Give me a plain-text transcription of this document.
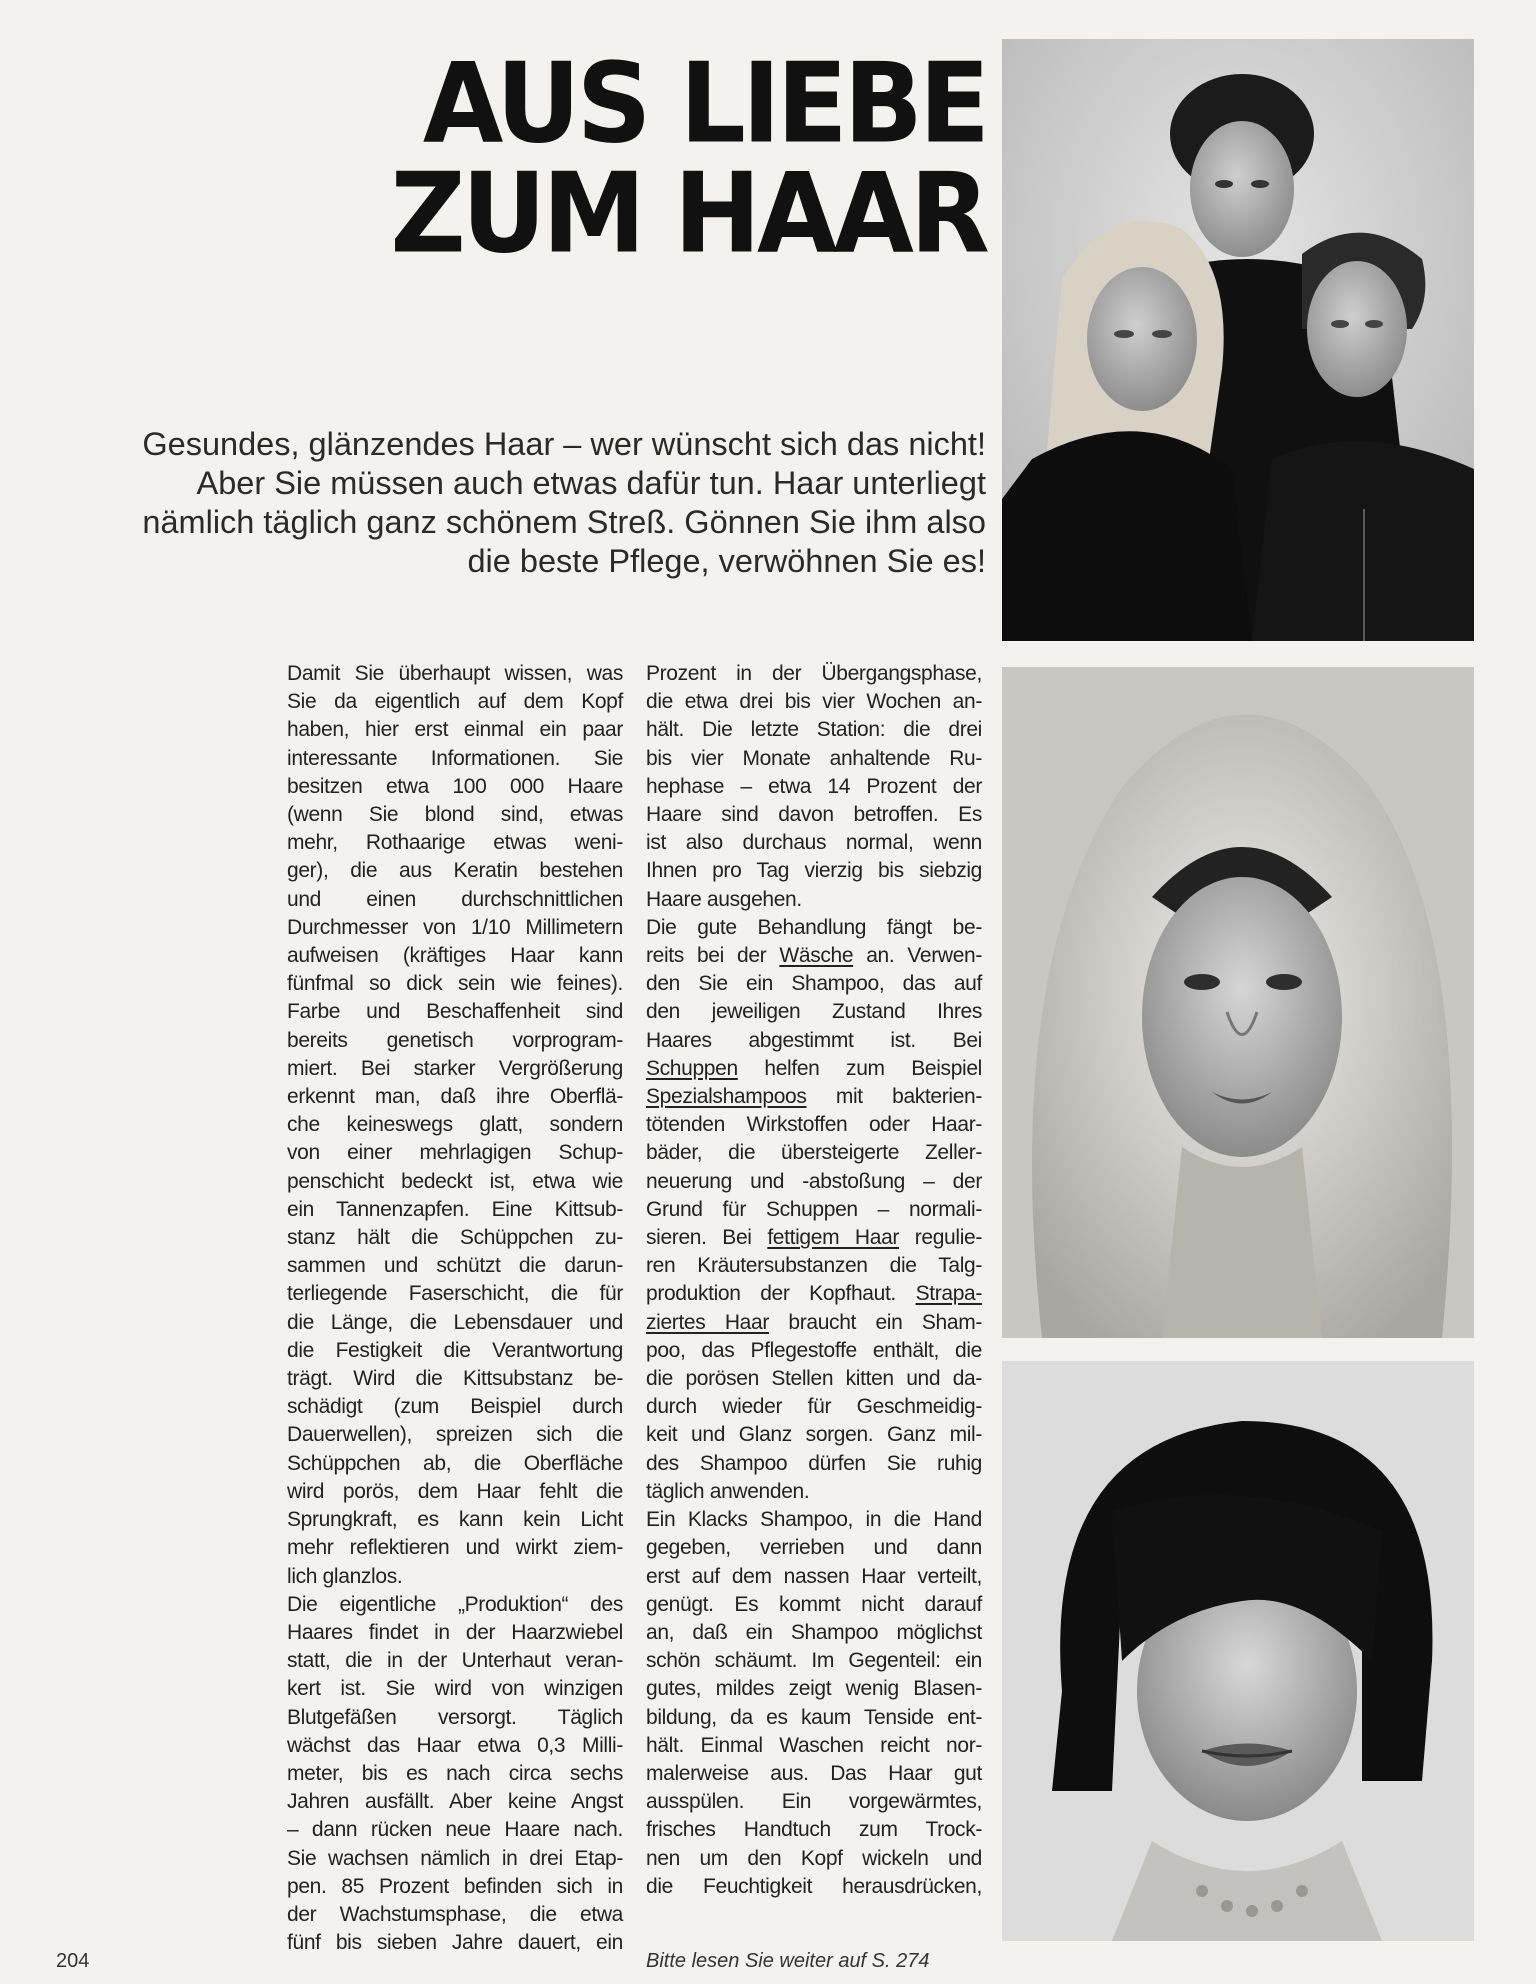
AUS LIEBE
ZUM HAAR

Gesundes, glänzendes Haar – wer wünscht sich das nicht!
Aber Sie müssen auch etwas dafür tun. Haar unterliegt
nämlich täglich ganz schönem Streß. Gönnen Sie ihm also
die beste Pflege, verwöhnen Sie es!

Damit Sie überhaupt wissen, was
Sie da eigentlich auf dem Kopf
haben, hier erst einmal ein paar
interessante Informationen. Sie
besitzen etwa 100 000 Haare
(wenn Sie blond sind, etwas
mehr, Rothaarige etwas weni-
ger), die aus Keratin bestehen
und einen durchschnittlichen
Durchmesser von 1/10 Millimetern
aufweisen (kräftiges Haar kann
fünfmal so dick sein wie feines).
Farbe und Beschaffenheit sind
bereits genetisch vorprogram-
miert. Bei starker Vergrößerung
erkennt man, daß ihre Oberflä-
che keineswegs glatt, sondern
von einer mehrlagigen Schup-
penschicht bedeckt ist, etwa wie
ein Tannenzapfen. Eine Kittsub-
stanz hält die Schüppchen zu-
sammen und schützt die darun-
terliegende Faserschicht, die für
die Länge, die Lebensdauer und
die Festigkeit die Verantwortung
trägt. Wird die Kittsubstanz be-
schädigt (zum Beispiel durch
Dauerwellen), spreizen sich die
Schüppchen ab, die Oberfläche
wird porös, dem Haar fehlt die
Sprungkraft, es kann kein Licht
mehr reflektieren und wirkt ziem-
lich glanzlos.
Die eigentliche „Produktion“ des
Haares findet in der Haarzwiebel
statt, die in der Unterhaut veran-
kert ist. Sie wird von winzigen
Blutgefäßen versorgt. Täglich
wächst das Haar etwa 0,3 Milli-
meter, bis es nach circa sechs
Jahren ausfällt. Aber keine Angst
– dann rücken neue Haare nach.
Sie wachsen nämlich in drei Etap-
pen. 85 Prozent befinden sich in
der Wachstumsphase, die etwa
fünf bis sieben Jahre dauert, ein
Prozent in der Übergangsphase,
die etwa drei bis vier Wochen an-
hält. Die letzte Station: die drei
bis vier Monate anhaltende Ru-
hephase – etwa 14 Prozent der
Haare sind davon betroffen. Es
ist also durchaus normal, wenn
Ihnen pro Tag vierzig bis siebzig
Haare ausgehen.
Die gute Behandlung fängt be-
reits bei der Wäsche an. Verwen-
den Sie ein Shampoo, das auf
den jeweiligen Zustand Ihres
Haares abgestimmt ist. Bei
Schuppen helfen zum Beispiel
Spezialshampoos mit bakterien-
tötenden Wirkstoffen oder Haar-
bäder, die übersteigerte Zeller-
neuerung und -abstoßung – der
Grund für Schuppen – normali-
sieren. Bei fettigem Haar regulie-
ren Kräutersubstanzen die Talg-
produktion der Kopfhaut. Strapa-
ziertes Haar braucht ein Sham-
poo, das Pflegestoffe enthält, die
die porösen Stellen kitten und da-
durch wieder für Geschmeidig-
keit und Glanz sorgen. Ganz mil-
des Shampoo dürfen Sie ruhig
täglich anwenden.
Ein Klacks Shampoo, in die Hand
gegeben, verrieben und dann
erst auf dem nassen Haar verteilt,
genügt. Es kommt nicht darauf
an, daß ein Shampoo möglichst
schön schäumt. Im Gegenteil: ein
gutes, mildes zeigt wenig Blasen-
bildung, da es kaum Tenside ent-
hält. Einmal Waschen reicht nor-
malerweise aus. Das Haar gut
ausspülen. Ein vorgewärmtes,
frisches Handtuch zum Trock-
nen um den Kopf wickeln und
die Feuchtigkeit herausdrücken,
Bitte lesen Sie weiter auf S. 274
204
